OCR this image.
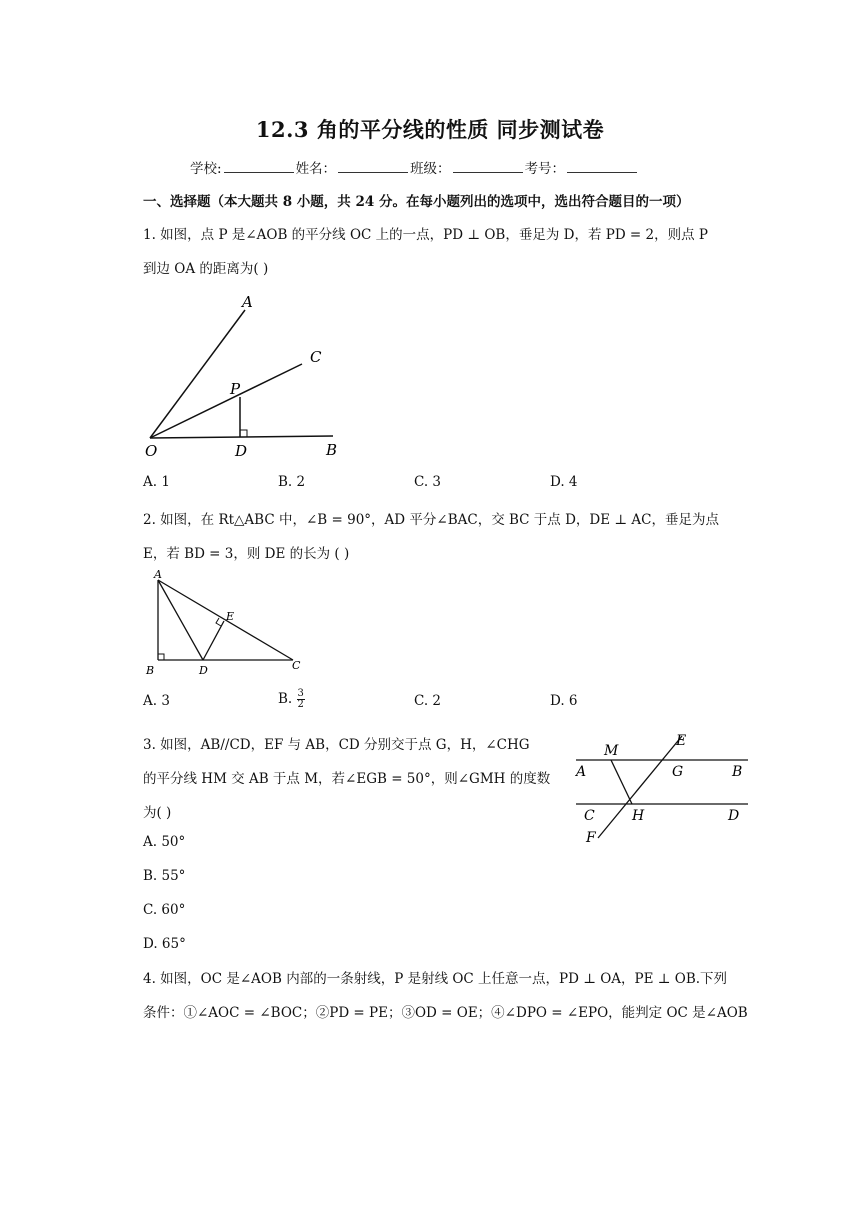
12.3 角的平分线的性质 同步测试卷
学校:	姓名：	班级：	考号：
一、选择题（本大题共 8 小题，共 24 分。在每小题列出的选项中，选出符合题目的一项）
1. 如图，点 P 是∠AOB 的平分线 OC 上的一点，PD ⊥ OB，垂足为 D，若 PD = 2，则点 P
到边 OA 的距离为( )
A
C
P
O	D	B
A. 1	B. 2	C. 3	D. 4
2. 如图，在 Rt△ABC 中，∠B = 90°，AD 平分∠BAC，交 BC 于点 D，DE ⊥ AC，垂足为点
E，若 BD = 3，则 DE 的长为 ( )
A
E
B	D	C
A. 3	B. $\frac{3}{2}$	C. 2	D. 6
3. 如图，AB//CD，EF 与 AB，CD 分别交于点 G，H，∠CHG
的平分线 HM 交 AB 于点 M，若∠EGB = 50°，则∠GMH 的度数
为( )
M
E
A	G	B
C	H	D
F
A. 50°
B. 55°
C. 60°
D. 65°
4. 如图，OC 是∠AOB 内部的一条射线，P 是射线 OC 上任意一点，PD ⊥ OA，PE ⊥ OB.下列
条件：①∠AOC = ∠BOC；②PD = PE；③OD = OE；④∠DPO = ∠EPO，能判定 OC 是∠AOB
